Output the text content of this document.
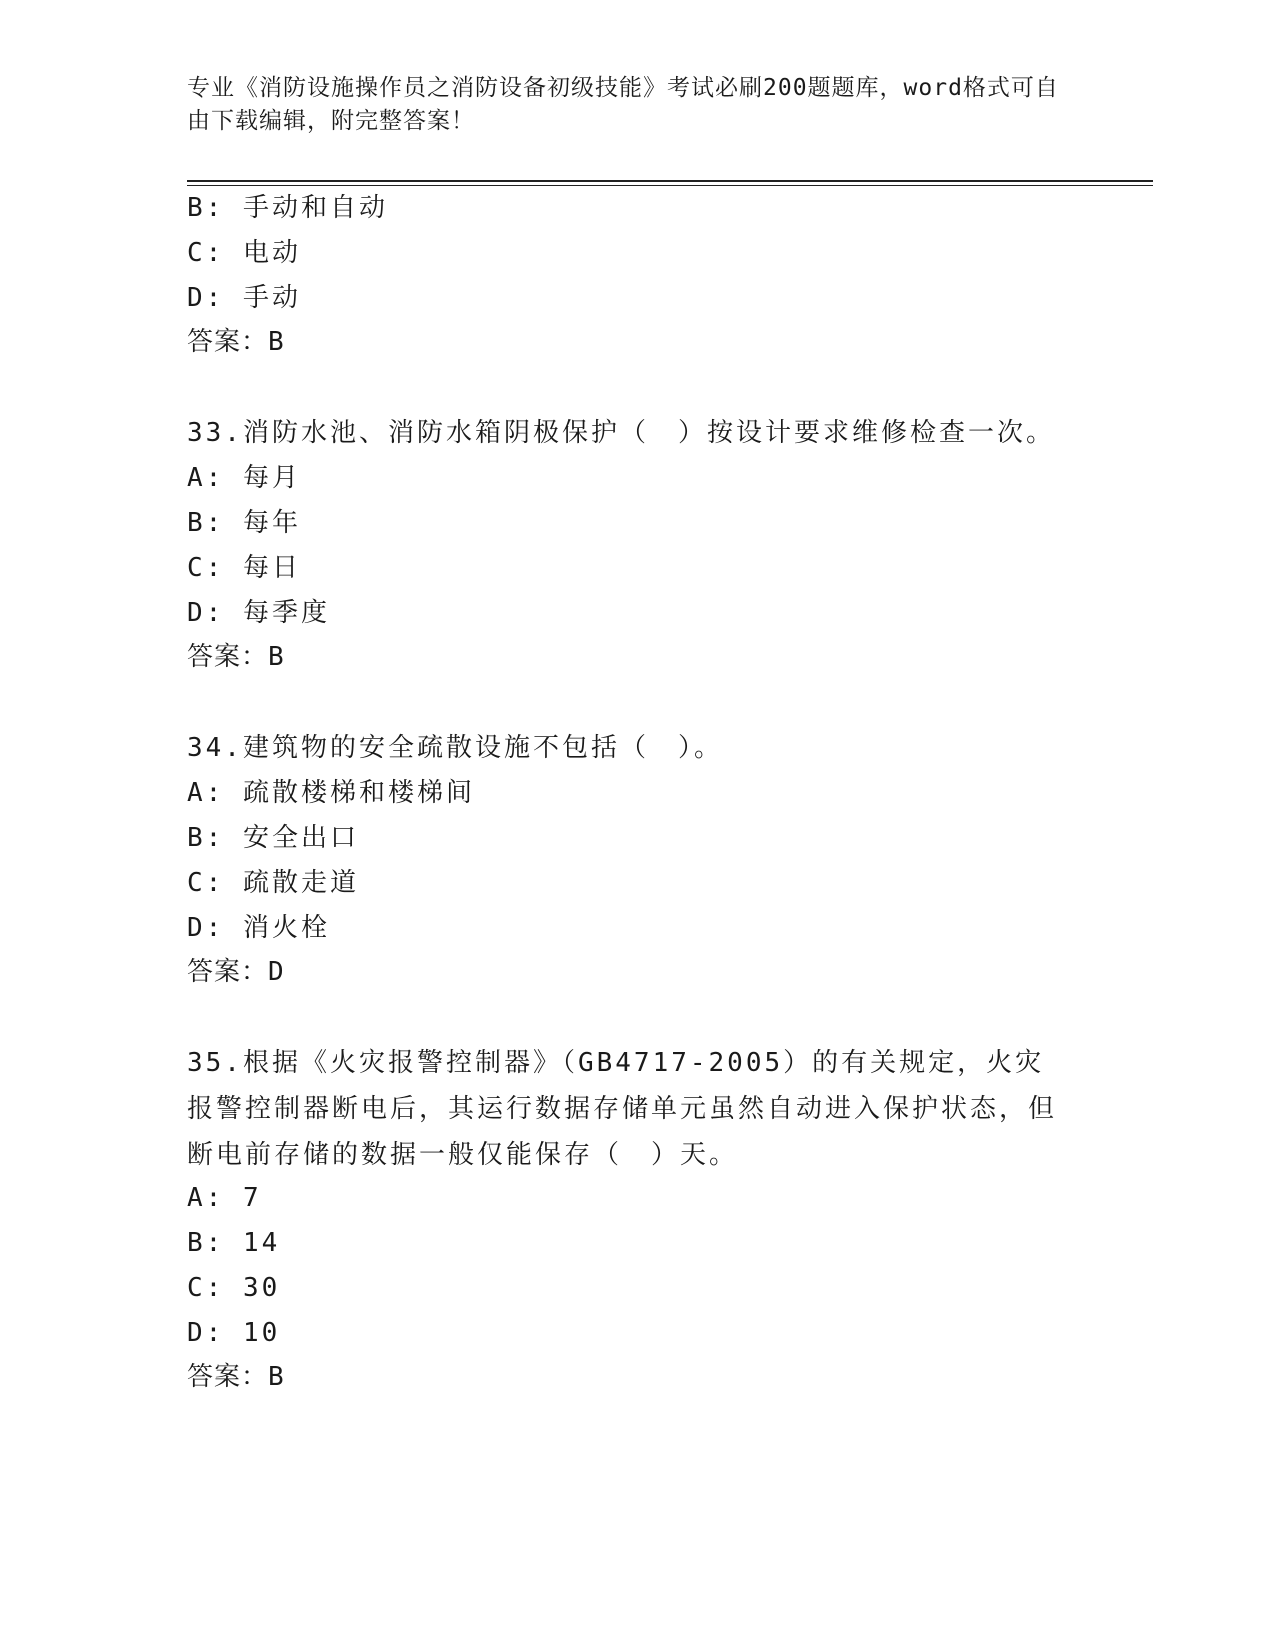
专业《消防设施操作员之消防设备初级技能》考试必刷200题题库，word格式可自由下载编辑，附完整答案！
B: 手动和自动
C: 电动
D: 手动
答案：B
33.消防水池、消防水箱阴极保护（　）按设计要求维修检查一次。
A: 每月
B: 每年
C: 每日
D: 每季度
答案：B
34.建筑物的安全疏散设施不包括（　）。
A: 疏散楼梯和楼梯间
B: 安全出口
C: 疏散走道
D: 消火栓
答案：D
35.根据《火灾报警控制器》（GB4717-2005）的有关规定，火灾报警控制器断电后，其运行数据存储单元虽然自动进入保护状态，但断电前存储的数据一般仅能保存（　）天。
A: 7
B: 14
C: 30
D: 10
答案：B
